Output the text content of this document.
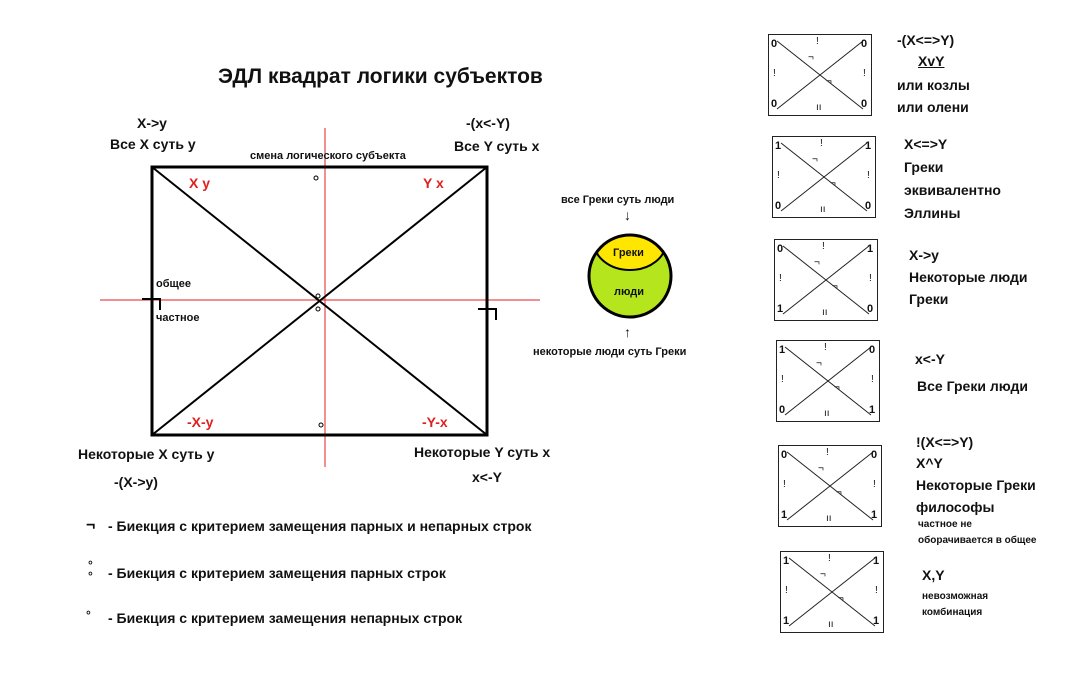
ЭДЛ квадрат логики субъектов
X->y
Все X суть y
-(x<-Y)
Все Y суть x
смена логического субъекта
X y	Y x
-X-y	-Y-x
общее
частное
Некоторые X суть y
-(X->y)
Некоторые Y суть x
x<-Y
¬ - Биекция с критерием замещения парных и непарных строк
°
° - Биекция с критерием замещения парных строк
° - Биекция с критерием замещения непарных строк
все Греки суть люди
↓
Греки
люди
↑
некоторые люди суть Греки
0	0
0	0
!
!	!
ıı
¬
¬
1	1
0	0
!
!	!
ıı
¬
¬
0	1
1	0
!
!	!
ıı
¬
¬
1	0
0	1
!
!	!
ıı
¬
¬
0	0
1	1
!
!	!
ıı
¬
¬
1	1
1	1
!
!	!
ıı
¬
¬
-(X<=>Y)
XvY
или козлы
или олени
X<=>Y
Греки
эквивалентно
Эллины
X->y
Некоторые люди
Греки
x<-Y
Все Греки люди
!(X<=>Y)
X^Y
Некоторые Греки
философы
частное не
оборачивается в общее
X,Y
невозможная
комбинация
